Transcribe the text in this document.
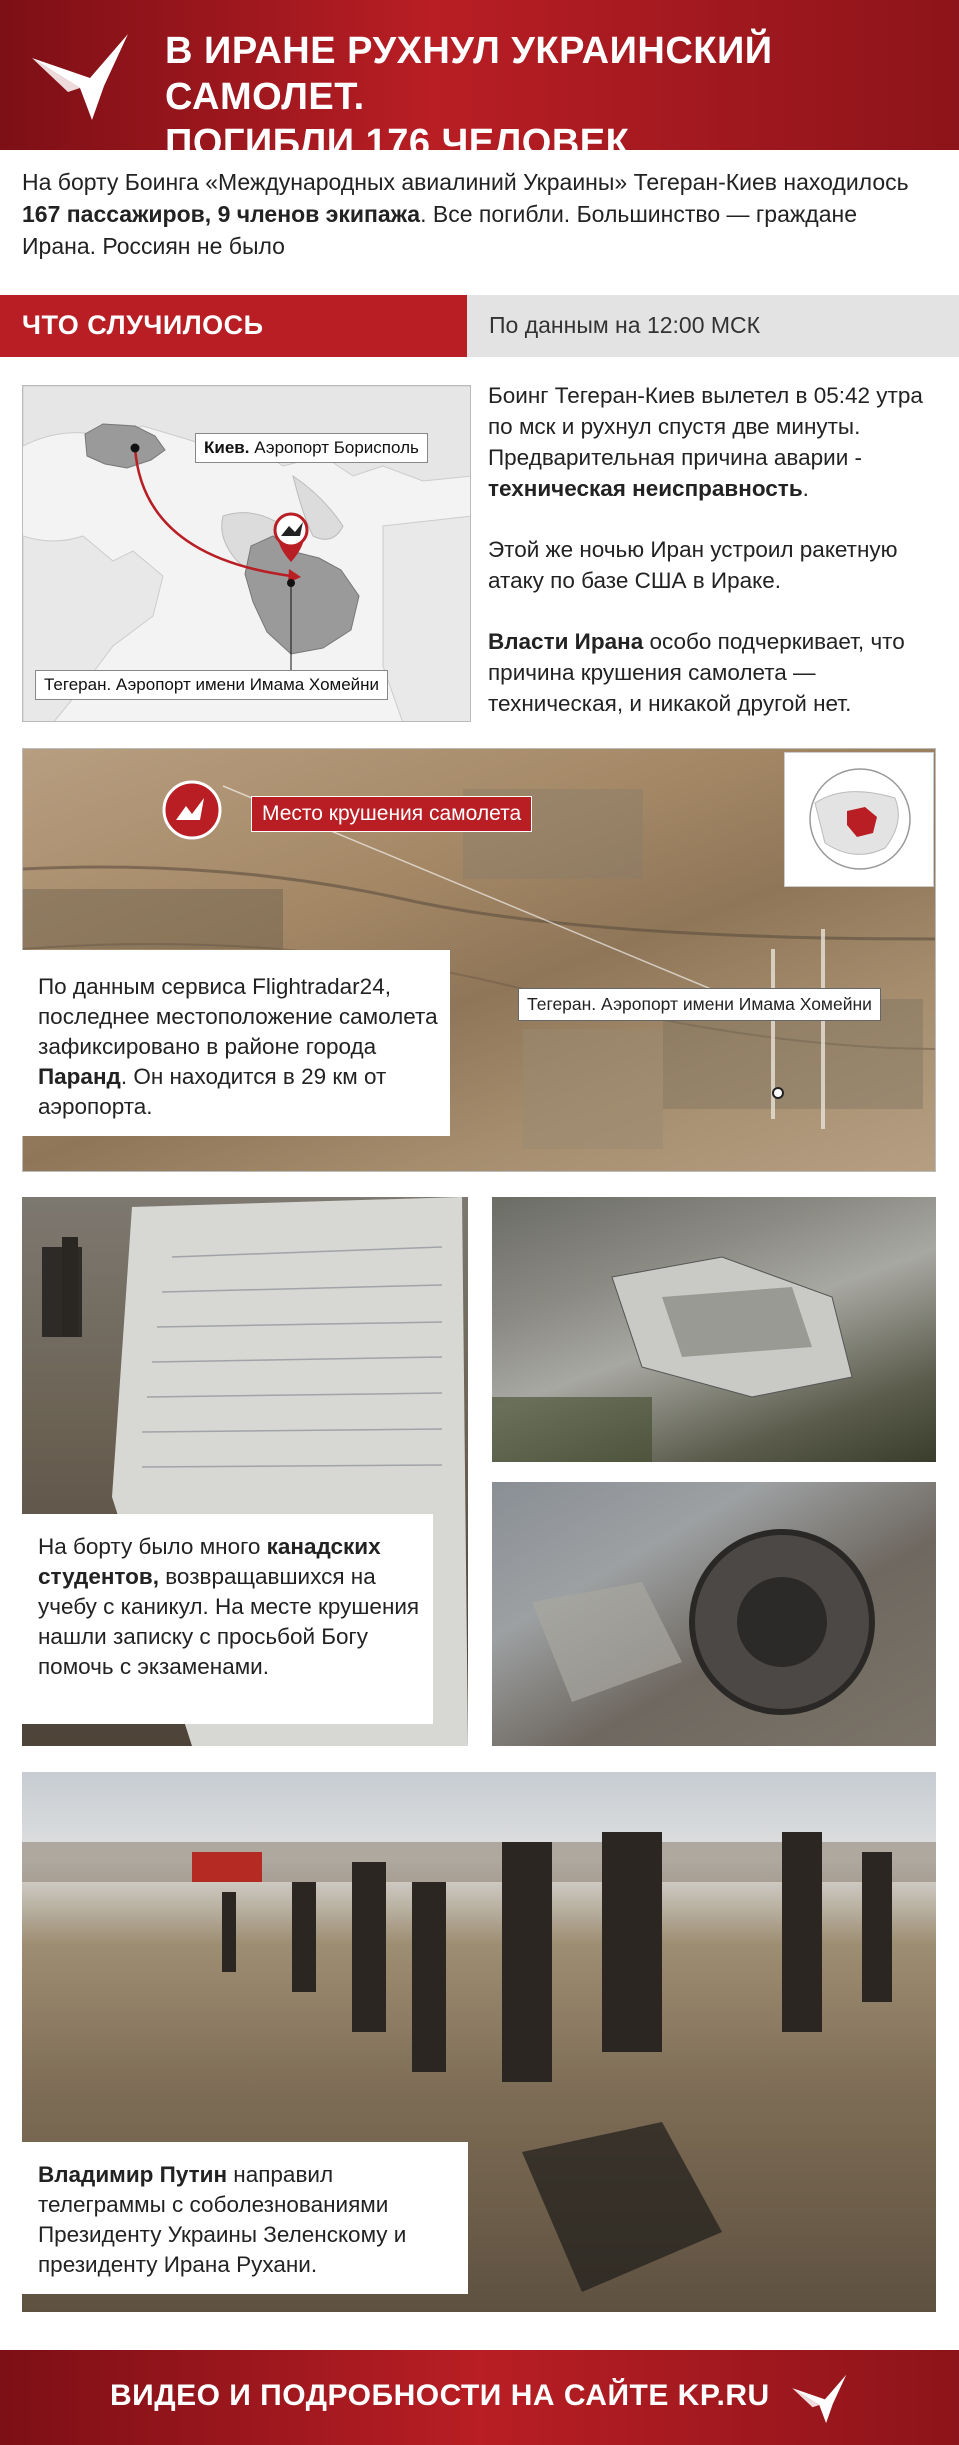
В ИРАНЕ РУХНУЛ УКРАИНСКИЙ САМОЛЕТ.
ПОГИБЛИ 176 ЧЕЛОВЕК
На борту Боинга «Международных авиалиний Украины» Тегеран-Киев находилось 167 пассажиров, 9 членов экипажа. Все погибли. Большинство — граждане Ирана. Россиян не было
ЧТО СЛУЧИЛОСЬ	По данным на 12:00 МСК
Киев. Аэропорт Борисполь
Тегеран. Аэропорт имени Имама Хомейни

Боинг Тегеран-Киев вылетел в 05:42 утра по мск и рухнул спустя две минуты. Предварительная причина аварии - техническая неисправность.

Этой же ночью Иран устроил ракетную атаку по базе США в Ираке.

Власти Ирана особо подчеркивает, что причина крушения самолета — техническая, и никакой другой нет.

Место крушения самолета
По данным сервиса Flightradar24, последнее местоположение самолета зафиксировано в районе города Паранд. Он находится в 29 км от аэропорта.
Тегеран. Аэропорт имени Имама Хомейни
На борту было много канадских студентов, возвращавшихся на учебу с каникул. На месте крушения нашли записку с просьбой Богу помочь с экзаменами.
Владимир Путин направил телеграммы с соболезнованиями Президенту Украины Зеленскому и президенту Ирана Рухани.
ВИДЕО И ПОДРОБНОСТИ НА САЙТЕ KP.RU
